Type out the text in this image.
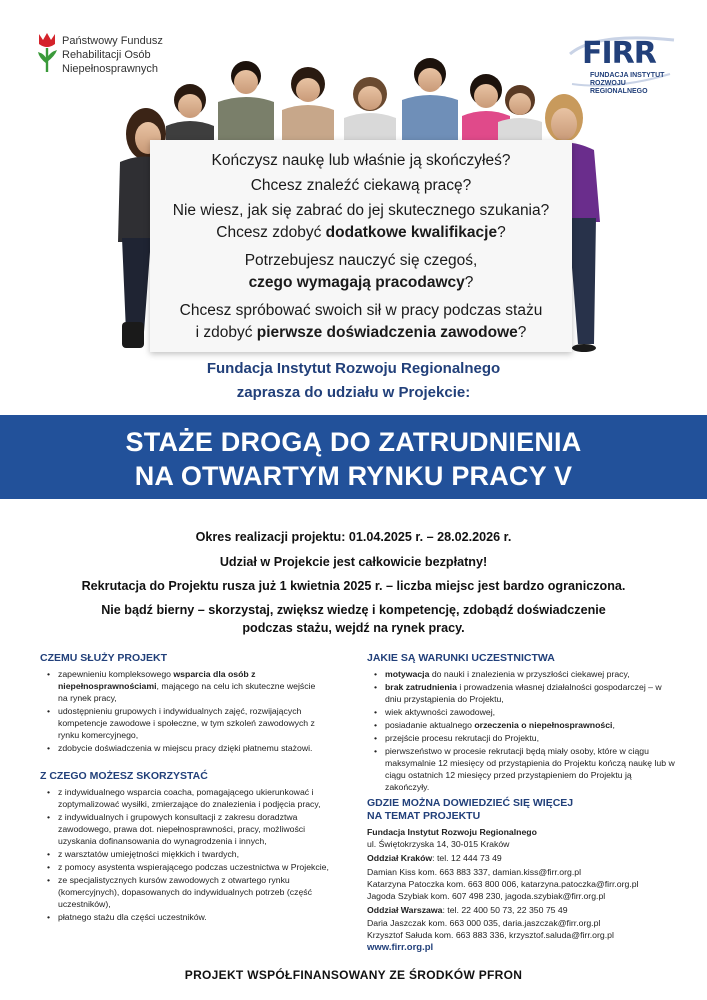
Państwowy Fundusz
Rehabilitacji Osób
Niepełnosprawnych	FIRR
FUNDACJA INSTYTUT
ROZWOJU REGIONALNEGO
Kończysz naukę lub właśnie ją skończyłeś?
Chcesz znaleźć ciekawą pracę?
Nie wiesz, jak się zabrać do jej skutecznego szukania?
Chcesz zdobyć dodatkowe kwalifikacje?
Potrzebujesz nauczyć się czegoś,
czego wymagają pracodawcy?
Chcesz spróbować swoich sił w pracy podczas stażu
i zdobyć pierwsze doświadczenia zawodowe?
Fundacja Instytut Rozwoju Regionalnego
zaprasza do udziału w Projekcie:
STAŻE DROGĄ DO ZATRUDNIENIA
NA OTWARTYM RYNKU PRACY V
Okres realizacji projektu: 01.04.2025 r. – 28.02.2026 r.
Udział w Projekcie jest całkowicie bezpłatny!
Rekrutacja do Projektu rusza już 1 kwietnia 2025 r. – liczba miejsc jest bardzo ograniczona.
Nie bądź bierny – skorzystaj, zwiększ wiedzę i kompetencję, zdobądź doświadczenie
podczas stażu, wejdź na rynek pracy.
CZEMU SŁUŻY PROJEKT
• zapewnieniu kompleksowego wsparcia dla osób z niepełnosprawnościami, mającego na celu ich skuteczne wejście na rynek pracy,
• udostępnieniu grupowych i indywidualnych zajęć, rozwijających kompetencje zawodowe i społeczne, w tym szkoleń zawodowych z rynku komercyjnego,
• zdobycie doświadczenia w miejscu pracy dzięki płatnemu stażowi.
Z CZEGO MOŻESZ SKORZYSTAĆ
• z indywidualnego wsparcia coacha, pomagającego ukierunkować i zoptymalizować wysiłki, zmierzające do znalezienia i podjęcia pracy,
• z indywidualnych i grupowych konsultacji z zakresu doradztwa zawodowego, prawa dot. niepełnosprawności, pracy, możliwości uzyskania dofinansowania do wynagrodzenia i innych,
• z warsztatów umiejętności miękkich i twardych,
• z pomocy asystenta wspierającego podczas uczestnictwa w Projekcie,
• ze specjalistycznych kursów zawodowych z otwartego rynku (komercyjnych), dopasowanych do indywidualnych potrzeb (część uczestników),
• płatnego stażu dla części uczestników.
JAKIE SĄ WARUNKI UCZESTNICTWA
• motywacja do nauki i znalezienia w przyszłości ciekawej pracy,
• brak zatrudnienia i prowadzenia własnej działalności gospodarczej – w dniu przystąpienia do Projektu,
• wiek aktywności zawodowej,
• posiadanie aktualnego orzeczenia o niepełnosprawności,
• przejście procesu rekrutacji do Projektu,
• pierwszeństwo w procesie rekrutacji będą miały osoby, które w ciągu maksymalnie 12 miesięcy od przystąpienia do Projektu kończą naukę lub w ciągu ostatnich 12 miesięcy przed przystąpieniem do Projektu ją zakończyły.
GDZIE MOŻNA DOWIEDZIEĆ SIĘ WIĘCEJ
NA TEMAT PROJEKTU
Fundacja Instytut Rozwoju Regionalnego
ul. Świętokrzyska 14, 30-015 Kraków
Oddział Kraków: tel. 12 444 73 49
Damian Kiss kom. 663 883 337, damian.kiss@firr.org.pl
Katarzyna Patoczka kom. 663 800 006, katarzyna.patoczka@firr.org.pl
Jagoda Szybiak kom. 607 498 230, jagoda.szybiak@firr.org.pl
Oddział Warszawa: tel. 22 400 50 73, 22 350 75 49
Daria Jaszczak kom. 663 000 035, daria.jaszczak@firr.org.pl
Krzysztof Sałuda kom. 663 883 336, krzysztof.saluda@firr.org.pl
www.firr.org.pl
PROJEKT WSPÓŁFINANSOWANY ZE ŚRODKÓW PFRON
